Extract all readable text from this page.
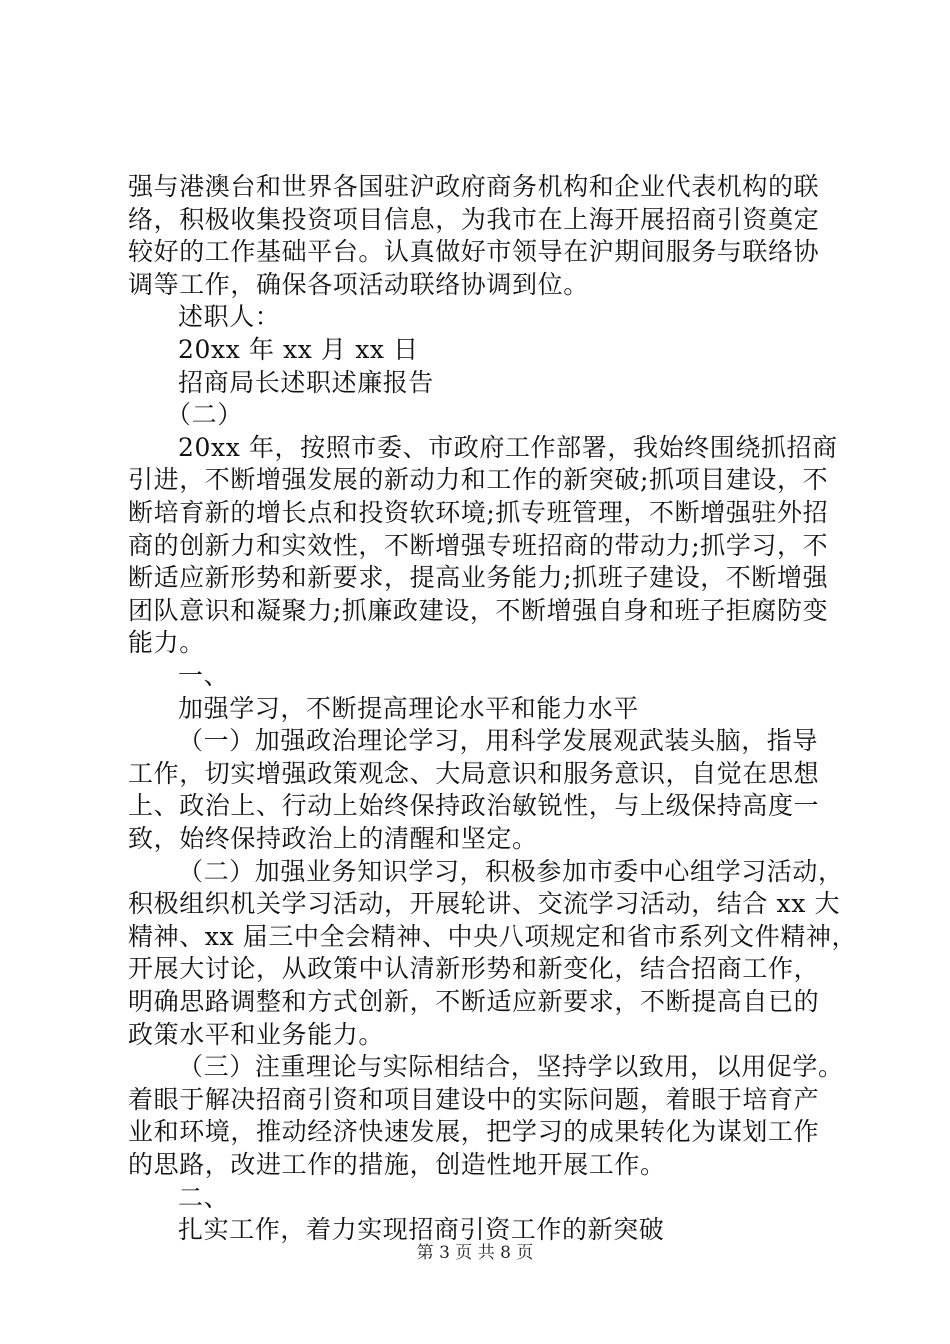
强与港澳台和世界各国驻沪政府商务机构和企业代表机构的联
络，积极收集投资项目信息，为我市在上海开展招商引资奠定
较好的工作基础平台。认真做好市领导在沪期间服务与联络协
调等工作，确保各项活动联络协调到位。
述职人：
20xx 年 xx 月 xx 日
招商局长述职述廉报告
（二）
20xx 年，按照市委、市政府工作部署，我始终围绕抓招商
引进，不断增强发展的新动力和工作的新突破;抓项目建设，不
断培育新的增长点和投资软环境;抓专班管理，不断增强驻外招
商的创新力和实效性，不断增强专班招商的带动力;抓学习，不
断适应新形势和新要求，提高业务能力;抓班子建设，不断增强
团队意识和凝聚力;抓廉政建设，不断增强自身和班子拒腐防变
能力。
一、
加强学习，不断提高理论水平和能力水平
（一）加强政治理论学习，用科学发展观武装头脑，指导
工作，切实增强政策观念、大局意识和服务意识，自觉在思想
上、政治上、行动上始终保持政治敏锐性，与上级保持高度一
致，始终保持政治上的清醒和坚定。
（二）加强业务知识学习，积极参加市委中心组学习活动，
积极组织机关学习活动，开展轮讲、交流学习活动，结合 xx 大
精神、xx 届三中全会精神、中央八项规定和省市系列文件精神，
开展大讨论，从政策中认清新形势和新变化，结合招商工作，
明确思路调整和方式创新，不断适应新要求，不断提高自已的
政策水平和业务能力。
（三）注重理论与实际相结合，坚持学以致用，以用促学。
着眼于解决招商引资和项目建设中的实际问题，着眼于培育产
业和环境，推动经济快速发展，把学习的成果转化为谋划工作
的思路，改进工作的措施，创造性地开展工作。
二、
扎实工作，着力实现招商引资工作的新突破
第 3 页 共 8 页
